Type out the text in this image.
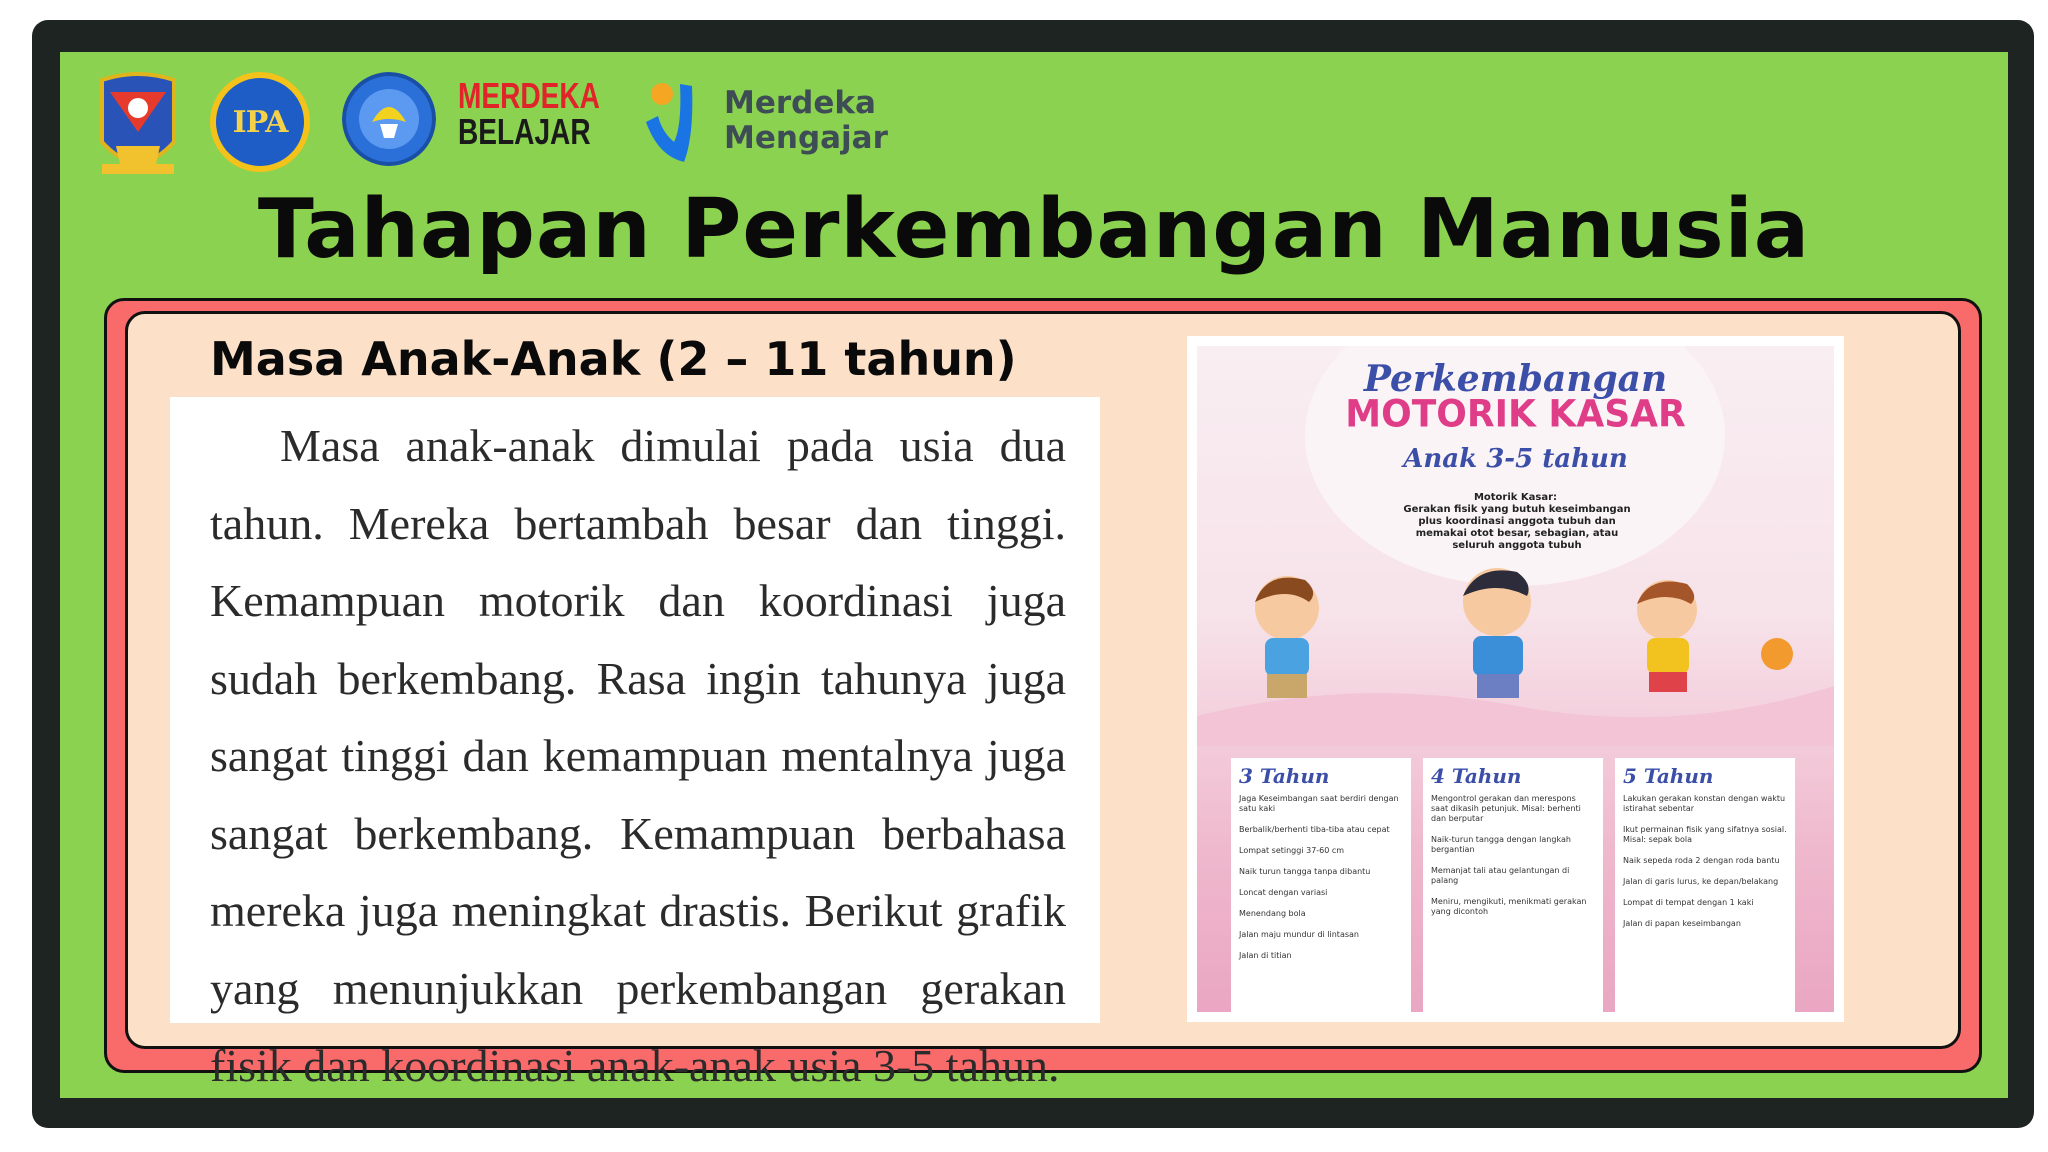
IPA
MERDEKA
BELAJAR
Merdeka
Mengajar
Tahapan Perkembangan Manusia
Masa Anak-Anak (2 – 11 tahun)

Masa anak-anak dimulai pada usia dua tahun. Mereka bertambah besar dan tinggi. Kemampuan motorik dan koordinasi juga sudah berkembang. Rasa ingin tahunya juga sangat tinggi dan kemampuan mentalnya juga sangat berkembang. Kemampuan berbahasa mereka juga meningkat drastis. Berikut grafik yang menunjukkan perkembangan gerakan fisik dan koordinasi anak-anak usia 3-5 tahun.

Perkembangan
MOTORIK KASAR
Anak 3-5 tahun
Motorik Kasar:
Gerakan fisik yang butuh keseimbangan plus koordinasi anggota tubuh dan memakai otot besar, sebagian, atau seluruh anggota tubuh
3 Tahun
Jaga Keseimbangan saat berdiri dengan satu kaki
Berbalik/berhenti tiba-tiba atau cepat
Lompat setinggi 37-60 cm
Naik turun tangga tanpa dibantu
Loncat dengan variasi
Menendang bola
Jalan maju mundur di lintasan
Jalan di titian
4 Tahun
Mengontrol gerakan dan merespons saat dikasih petunjuk. Misal: berhenti dan berputar
Naik-turun tangga dengan langkah bergantian
Memanjat tali atau gelantungan di palang
Meniru, mengikuti, menikmati gerakan yang dicontoh
5 Tahun
Lakukan gerakan konstan dengan waktu istirahat sebentar
Ikut permainan fisik yang sifatnya sosial. Misal: sepak bola
Naik sepeda roda 2 dengan roda bantu
Jalan di garis lurus, ke depan/belakang
Lompat di tempat dengan 1 kaki
Jalan di papan keseimbangan
